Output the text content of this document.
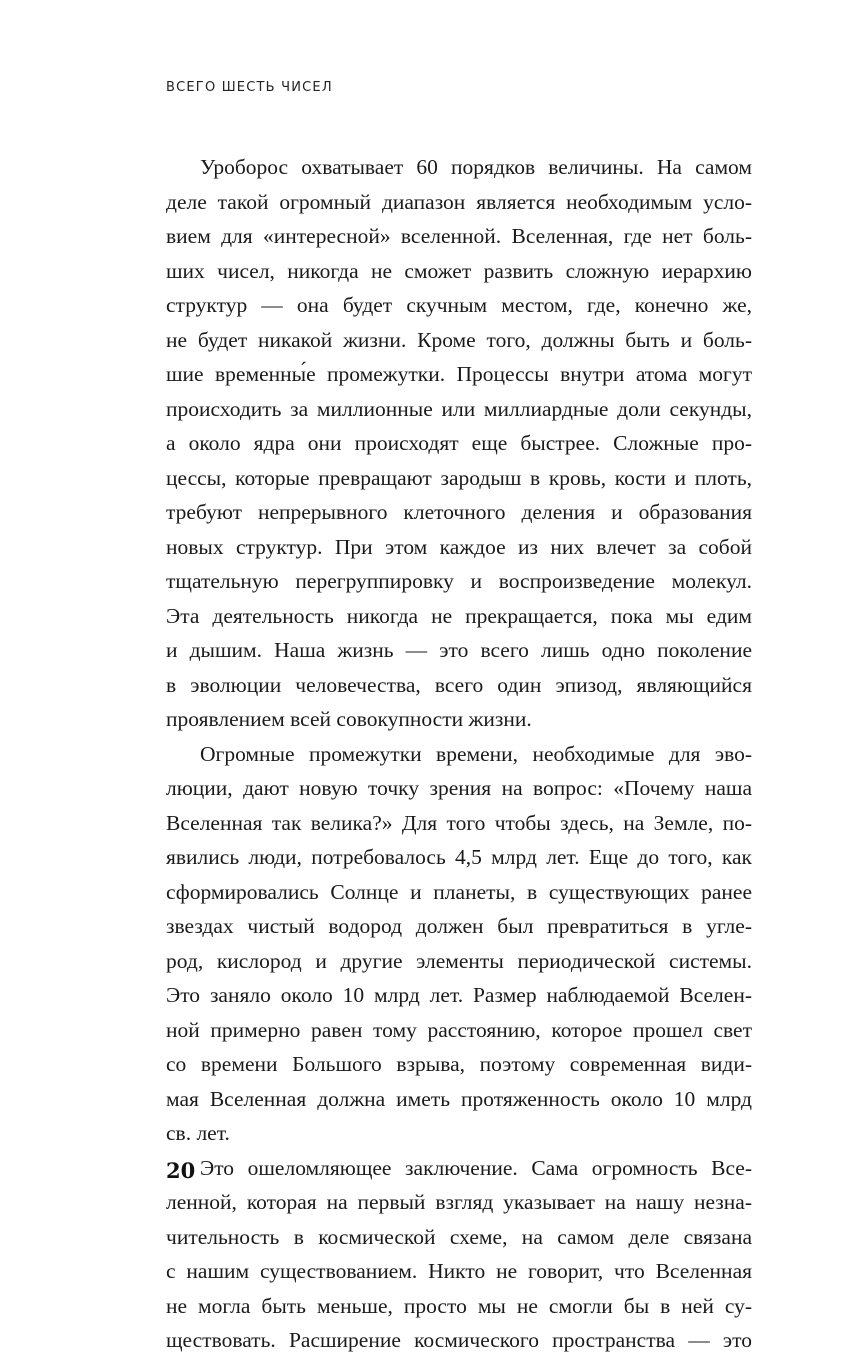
ВСЕГО ШЕСТЬ ЧИСЕЛ
Уроборос охватывает 60 порядков величины. На самом
деле такой огромный диапазон является необходимым усло-
вием для «интересной» вселенной. Вселенная, где нет боль-
ших чисел, никогда не сможет развить сложную иерархию
структур — она будет скучным местом, где, конечно же,
не будет никакой жизни. Кроме того, должны быть и боль-
шие временны́е промежутки. Процессы внутри атома могут
происходить за миллионные или миллиардные доли секунды,
а около ядра они происходят еще быстрее. Сложные про-
цессы, которые превращают зародыш в кровь, кости и плоть,
требуют непрерывного клеточного деления и образования
новых структур. При этом каждое из них влечет за собой
тщательную перегруппировку и воспроизведение молекул.
Эта деятельность никогда не прекращается, пока мы едим
и дышим. Наша жизнь — это всего лишь одно поколение
в эволюции человечества, всего один эпизод, являющийся
проявлением всей совокупности жизни.
Огромные промежутки времени, необходимые для эво-
люции, дают новую точку зрения на вопрос: «Почему наша
Вселенная так велика?» Для того чтобы здесь, на Земле, по-
явились люди, потребовалось 4,5 млрд лет. Еще до того, как
сформировались Солнце и планеты, в существующих ранее
звездах чистый водород должен был превратиться в угле-
род, кислород и другие элементы периодической системы.
Это заняло около 10 млрд лет. Размер наблюдаемой Вселен-
ной примерно равен тому расстоянию, которое прошел свет
со времени Большого взрыва, поэтому современная види-
мая Вселенная должна иметь протяженность около 10 млрд
св. лет.
Это ошеломляющее заключение. Сама огромность Все-
ленной, которая на первый взгляд указывает на нашу незна-
чительность в космической схеме, на самом деле связана
с нашим существованием. Никто не говорит, что Вселенная
не могла быть меньше, просто мы не смогли бы в ней су-
ществовать. Расширение космического пространства — это
20
